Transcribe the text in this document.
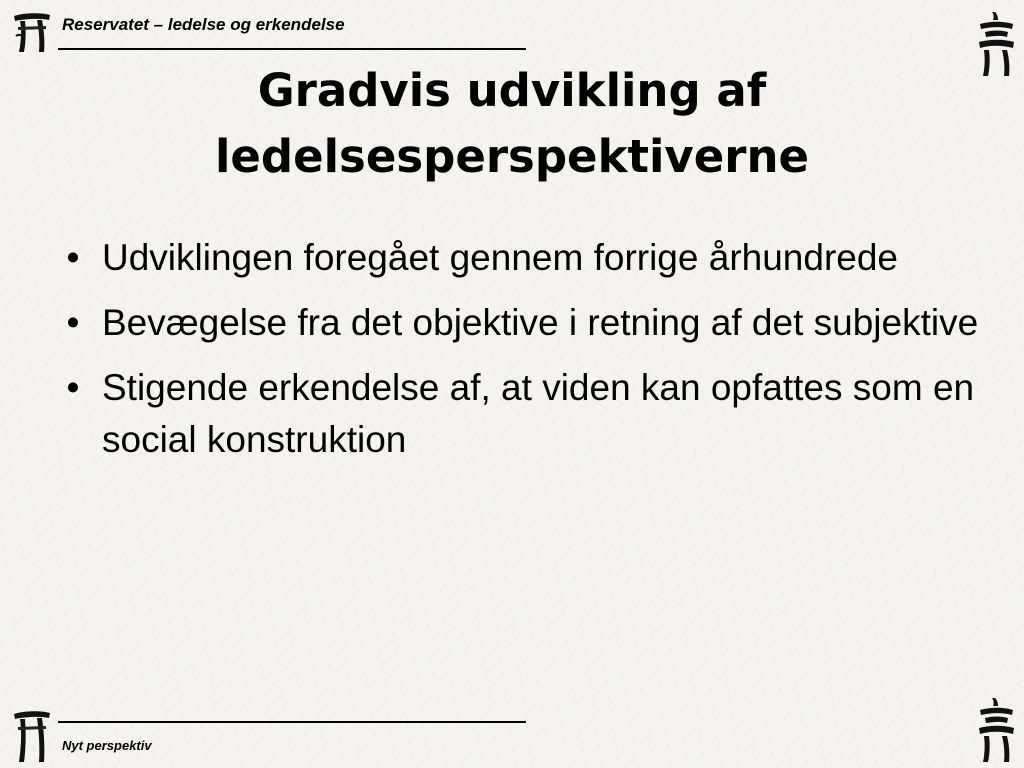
Reservatet – ledelse og erkendelse
Gradvis udvikling af
ledelsesperspektiverne
• Udviklingen foregået gennem forrige århundrede
• Bevægelse fra det objektive i retning af det subjektive
• Stigende erkendelse af, at viden kan opfattes som en social konstruktion
Nyt perspektiv
